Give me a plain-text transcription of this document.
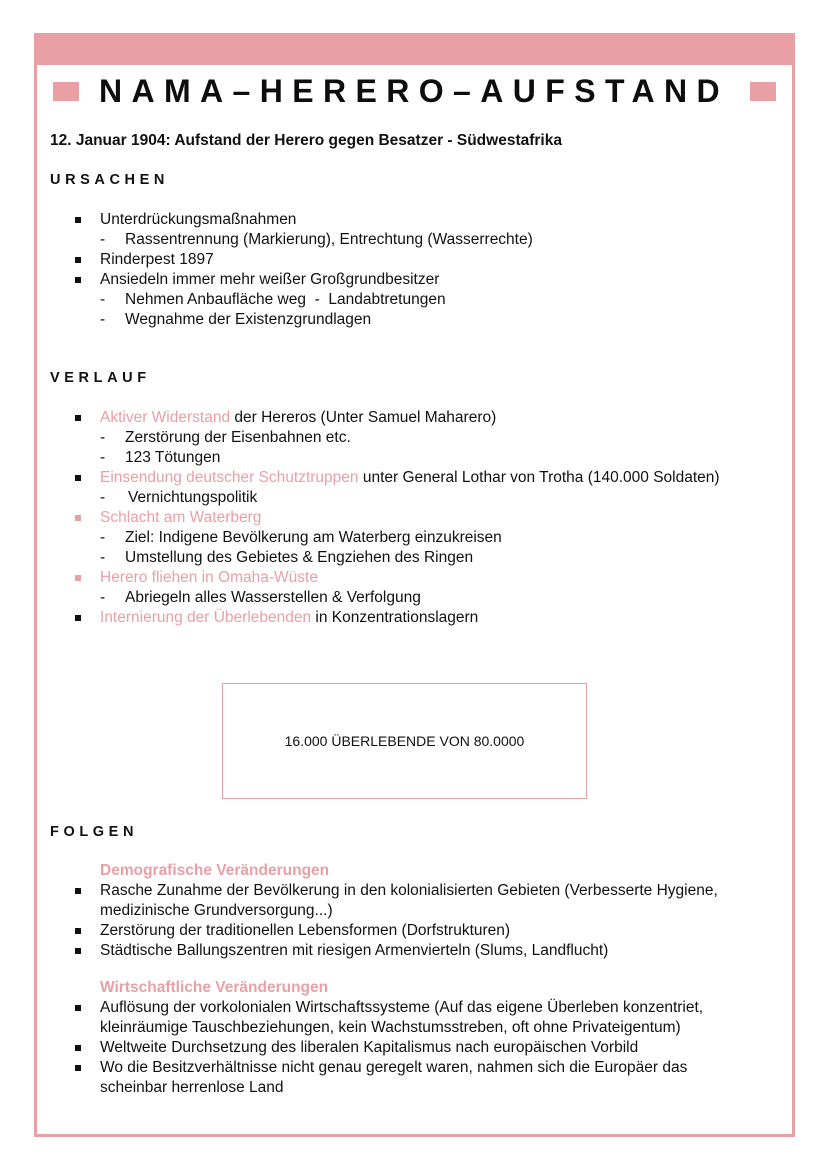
NAMA–HERERO–AUFSTAND
12. Januar 1904: Aufstand der Herero gegen Besatzer - Südwestafrika
URSACHEN
Unterdrückungsmaßnahmen
Rassentrennung (Markierung), Entrechtung (Wasserrechte)
Rinderpest 1897
Ansiedeln immer mehr weißer Großgrundbesitzer
Nehmen Anbaufläche weg  -  Landabtretungen
Wegnahme der Existenzgrundlagen
VERLAUF
Aktiver Widerstand der Hereros (Unter Samuel Maharero)
Zerstörung der Eisenbahnen etc.
123 Tötungen
Einsendung deutscher Schutztruppen unter General Lothar von Trotha (140.000 Soldaten)
Vernichtungspolitik
Schlacht am Waterberg
Ziel: Indigene Bevölkerung am Waterberg einzukreisen
Umstellung des Gebietes & Engziehen des Ringen
Herero fliehen in Omaha-Wüste
Abriegeln alles Wasserstellen & Verfolgung
Internierung der Überlebenden in Konzentrationslagern
16.000 ÜBERLEBENDE VON 80.0000
FOLGEN
Demografische Veränderungen
Rasche Zunahme der Bevölkerung in den kolonialisierten Gebieten (Verbesserte Hygiene,
medizinische Grundversorgung...)
Zerstörung der traditionellen Lebensformen (Dorfstrukturen)
Städtische Ballungszentren mit riesigen Armenvierteln (Slums, Landflucht)
Wirtschaftliche Veränderungen
Auflösung der vorkolonialen Wirtschaftssysteme (Auf das eigene Überleben konzentriet,
kleinräumige Tauschbeziehungen, kein Wachstumsstreben, oft ohne Privateigentum)
Weltweite Durchsetzung des liberalen Kapitalismus nach europäischen Vorbild
Wo die Besitzverhältnisse nicht genau geregelt waren, nahmen sich die Europäer das
scheinbar herrenlose Land
